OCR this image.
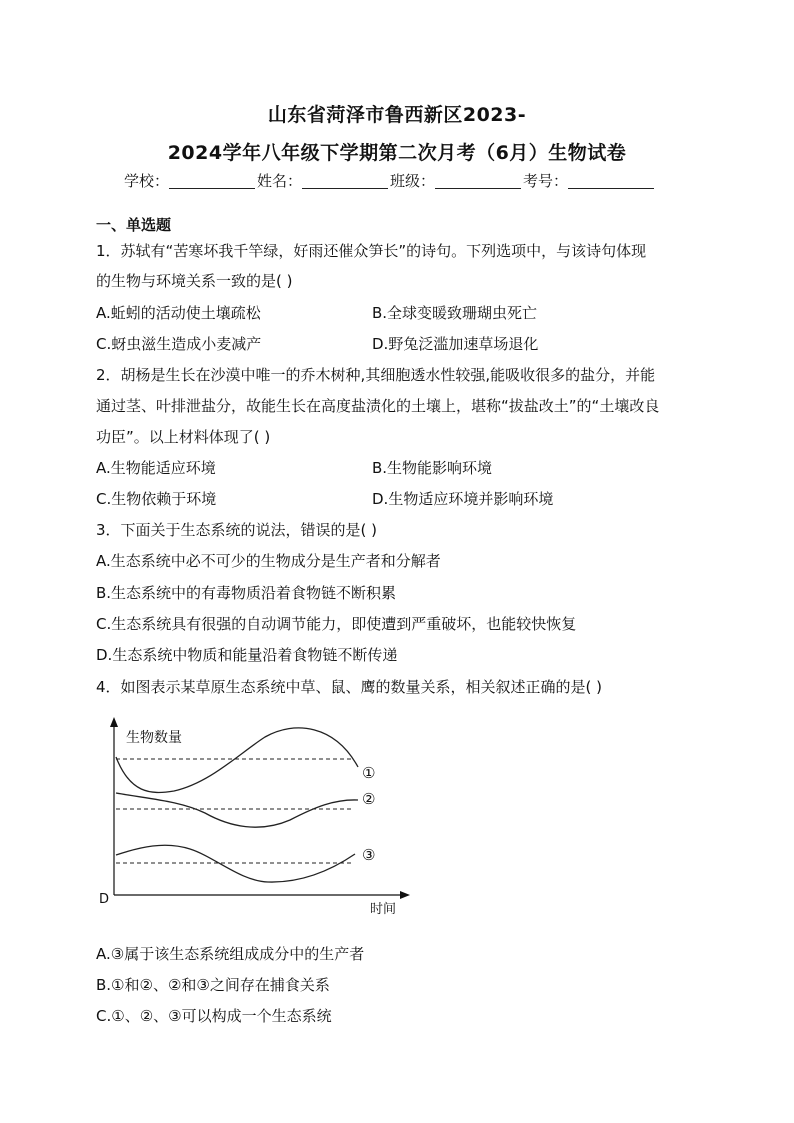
山东省菏泽市鲁西新区2023-
2024学年八年级下学期第二次月考（6月）生物试卷
学校：	姓名：	班级：	考号：
一、单选题
1．苏轼有“苦寒坏我千竿绿，好雨还催众笋长”的诗句。下列选项中，与该诗句体现
的生物与环境关系一致的是( )
A.蚯蚓的活动使土壤疏松	B.全球变暖致珊瑚虫死亡
C.蚜虫滋生造成小麦减产	D.野兔泛滥加速草场退化
2．胡杨是生长在沙漠中唯一的乔木树种,其细胞透水性较强,能吸收很多的盐分，并能
通过茎、叶排泄盐分，故能生长在高度盐渍化的土壤上，堪称“拔盐改土”的“土壤改良
功臣”。以上材料体现了( )
A.生物能适应环境	B.生物能影响环境
C.生物依赖于环境	D.生物适应环境并影响环境
3．下面关于生态系统的说法，错误的是( )
A.生态系统中必不可少的生物成分是生产者和分解者
B.生态系统中的有毒物质沿着食物链不断积累
C.生态系统具有很强的自动调节能力，即使遭到严重破坏，也能较快恢复
D.生态系统中物质和能量沿着食物链不断传递
4．如图表示某草原生态系统中草、鼠、鹰的数量关系，相关叙述正确的是( )
生物数量
时间
D
①
②
③
A.③属于该生态系统组成成分中的生产者
B.①和②、②和③之间存在捕食关系
C.①、②、③可以构成一个生态系统
